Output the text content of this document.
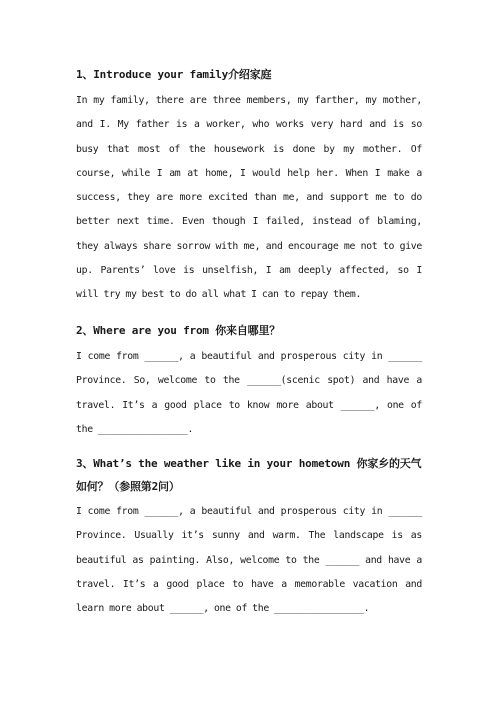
1、Introduce your family介绍家庭

In my family, there are three members, my farther, my mother, and I. My father is a worker, who works very hard and is so busy that most of the housework is done by my mother. Of course, while I am at home, I would help her. When I make a success, they are more excited than me, and support me to do better next time. Even though I failed, instead of blaming, they always share sorrow with me, and encourage me not to give up. Parents’ love is unselfish, I am deeply affected, so I will try my best to do all what I can to repay them.

2、Where are you from 你来自哪里？

I come from ______, a beautiful and prosperous city in ______ Province. So, welcome to the ______(scenic spot) and have a travel. It’s a good place to know more about ______, one of the ________________.

3、What’s the weather like in your hometown 你家乡的天气如何？（参照第2问）

I come from ______, a beautiful and prosperous city in ______ Province. Usually it’s sunny and warm. The landscape is as beautiful as painting. Also, welcome to the ______ and have a travel. It’s a good place to have a memorable vacation and learn more about ______, one of the ________________.
